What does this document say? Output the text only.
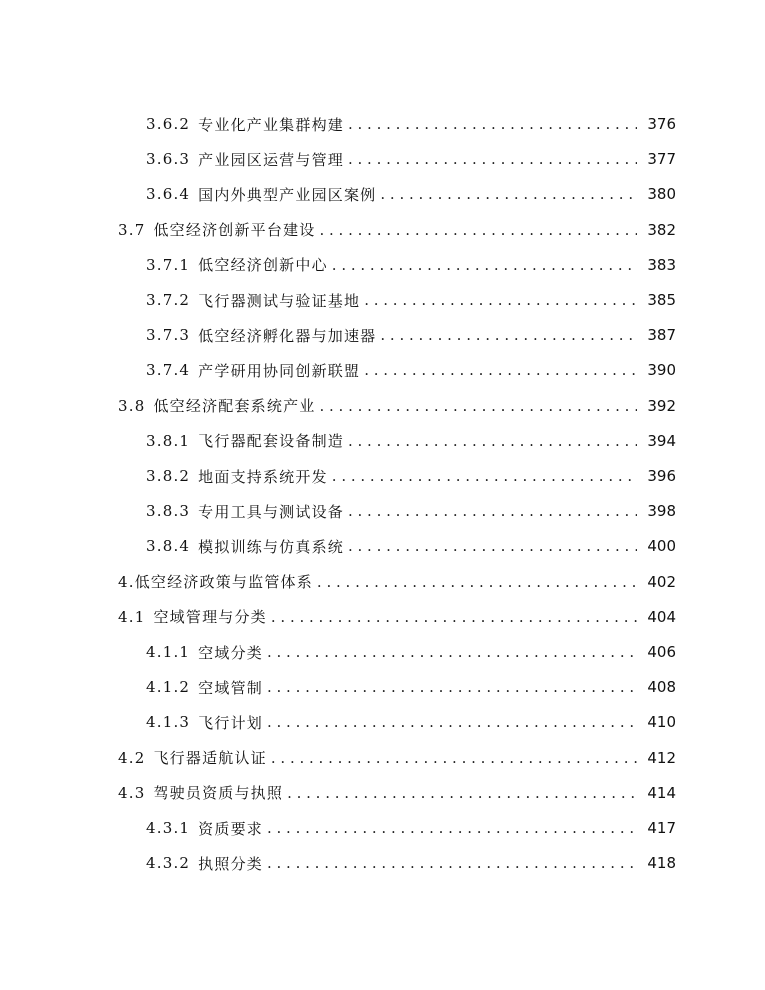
3.6.2 专业化产业集群构建 . . .	376
3.6.3 产业园区运营与管理 . . .	377
3.6.4 国内外典型产业园区案例 . . .	380
3.7 低空经济创新平台建设 . . .	382
3.7.1 低空经济创新中心 . . .	383
3.7.2 飞行器测试与验证基地 . . .	385
3.7.3 低空经济孵化器与加速器 . . .	387
3.7.4 产学研用协同创新联盟 . . .	390
3.8 低空经济配套系统产业 . . .	392
3.8.1 飞行器配套设备制造 . . .	394
3.8.2 地面支持系统开发 . . .	396
3.8.3 专用工具与测试设备 . . .	398
3.8.4 模拟训练与仿真系统 . . .	400
4. 低空经济政策与监管体系 . . .	402
4.1 空域管理与分类 . . .	404
4.1.1 空域分类 . . .	406
4.1.2 空域管制 . . .	408
4.1.3 飞行计划 . . .	410
4.2 飞行器适航认证 . . .	412
4.3 驾驶员资质与执照 . . .	414
4.3.1 资质要求 . . .	417
4.3.2 执照分类 . . .	418
